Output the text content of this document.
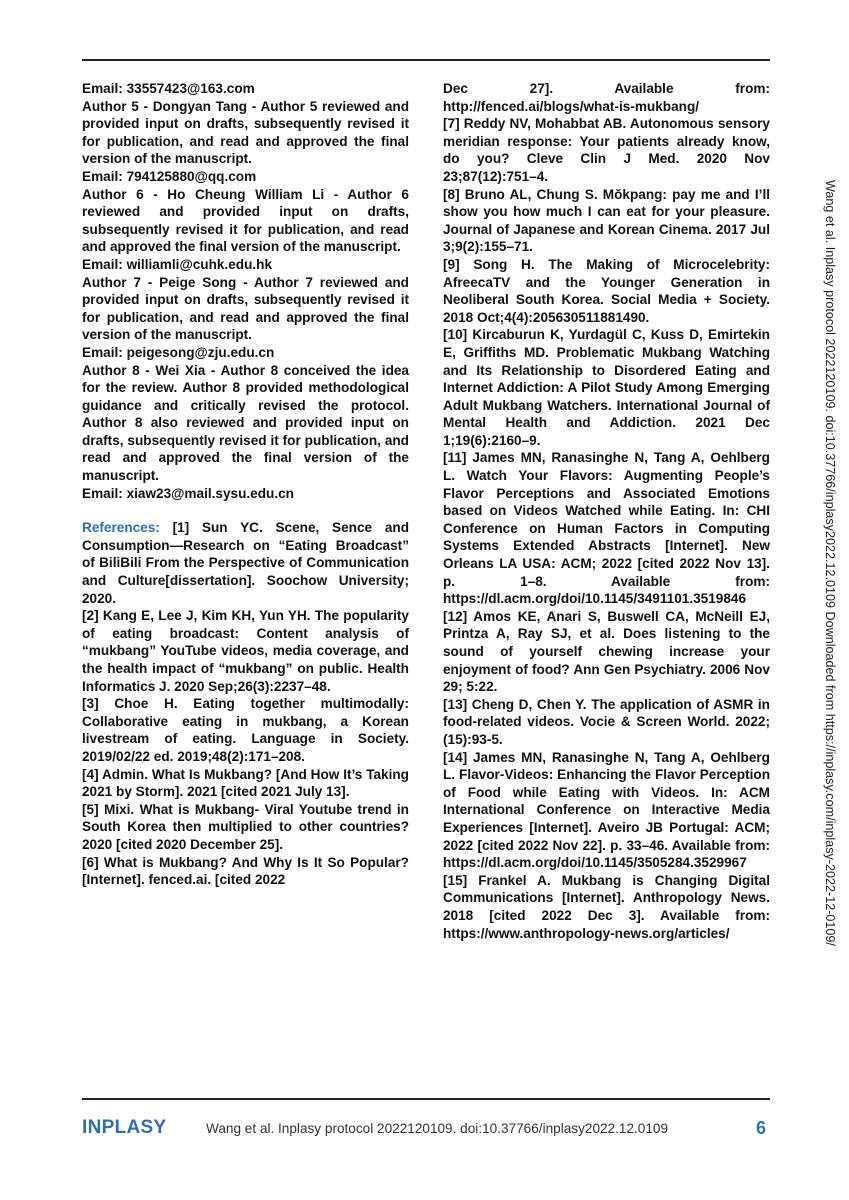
Email: 33557423@163.com

Author 5 - Dongyan Tang - Author 5 reviewed and provided input on drafts, subsequently revised it for publication, and read and approved the final version of the manuscript.

Email: 794125880@qq.com

Author 6 - Ho Cheung William Li - Author 6 reviewed and provided input on drafts, subsequently revised it for publication, and read and approved the final version of the manuscript.

Email: williamli@cuhk.edu.hk

Author 7 - Peige Song - Author 7 reviewed and provided input on drafts, subsequently revised it for publication, and read and approved the final version of the manuscript.

Email: peigesong@zju.edu.cn

Author 8 - Wei Xia - Author 8 conceived the idea for the review. Author 8 provided methodological guidance and critically revised the protocol. Author 8 also reviewed and provided input on drafts, subsequently revised it for publication, and read and approved the final version of the manuscript.

Email: xiaw23@mail.sysu.edu.cn

References: [1] Sun YC. Scene, Sence and Consumption—Research on “Eating Broadcast” of BiliBili From the Perspective of Communication and Culture[dissertation]. Soochow University; 2020.

[2] Kang E, Lee J, Kim KH, Yun YH. The popularity of eating broadcast: Content analysis of “mukbang” YouTube videos, media coverage, and the health impact of “mukbang” on public. Health Informatics J. 2020 Sep;26(3):2237–48.

[3] Choe H. Eating together multimodally: Collaborative eating in mukbang, a Korean livestream of eating. Language in Society. 2019/02/22 ed. 2019;48(2):171–208.

[4] Admin. What Is Mukbang? [And How It’s Taking 2021 by Storm]. 2021 [cited 2021 July 13].

[5] Mixi. What is Mukbang- Viral Youtube trend in South Korea then multiplied to other countries? 2020 [cited 2020 December 25].

[6] What is Mukbang? And Why Is It So Popular? [Internet]. fenced.ai. [cited 2022

Dec 27]. Available from: http://fenced.ai/blogs/what-is-mukbang/

[7] Reddy NV, Mohabbat AB. Autonomous sensory meridian response: Your patients already know, do you? Cleve Clin J Med. 2020 Nov 23;87(12):751–4.

[8] Bruno AL, Chung S. Mŏkpang: pay me and I’ll show you how much I can eat for your pleasure. Journal of Japanese and Korean Cinema. 2017 Jul 3;9(2):155–71.

[9] Song H. The Making of Microcelebrity: AfreecaTV and the Younger Generation in Neoliberal South Korea. Social Media + Society. 2018 Oct;4(4):205630511881490.

[10] Kircaburun K, Yurdagül C, Kuss D, Emirtekin E, Griffiths MD. Problematic Mukbang Watching and Its Relationship to Disordered Eating and Internet Addiction: A Pilot Study Among Emerging Adult Mukbang Watchers. International Journal of Mental Health and Addiction. 2021 Dec 1;19(6):2160–9.

[11] James MN, Ranasinghe N, Tang A, Oehlberg L. Watch Your Flavors: Augmenting People’s Flavor Perceptions and Associated Emotions based on Videos Watched while Eating. In: CHI Conference on Human Factors in Computing Systems Extended Abstracts [Internet]. New Orleans LA USA: ACM; 2022 [cited 2022 Nov 13]. p. 1–8. Available from: https://dl.acm.org/doi/10.1145/3491101.3519846

[12] Amos KE, Anari S, Buswell CA, McNeill EJ, Printza A, Ray SJ, et al. Does listening to the sound of yourself chewing increase your enjoyment of food? Ann Gen Psychiatry. 2006 Nov 29; 5:22.

[13] Cheng D, Chen Y. The application of ASMR in food-related videos. Vocie & Screen World. 2022;(15):93-5.

[14] James MN, Ranasinghe N, Tang A, Oehlberg L. Flavor-Videos: Enhancing the Flavor Perception of Food while Eating with Videos. In: ACM International Conference on Interactive Media Experiences [Internet]. Aveiro JB Portugal: ACM; 2022 [cited 2022 Nov 22]. p. 33–46. Available from: https://dl.acm.org/doi/10.1145/3505284.3529967

[15] Frankel A. Mukbang is Changing Digital Communications [Internet]. Anthropology News. 2018 [cited 2022 Dec 3]. Available from: https://www.anthropology-news.org/articles/	Wang et al. Inplasy protocol 2022120109. doi:10.37766/inplasy2022.12.0109 Downloaded from https://inplasy.com/inplasy-2022-12-0109/
INPLASY	Wang et al. Inplasy protocol 2022120109. doi:10.37766/inplasy2022.12.0109	6
